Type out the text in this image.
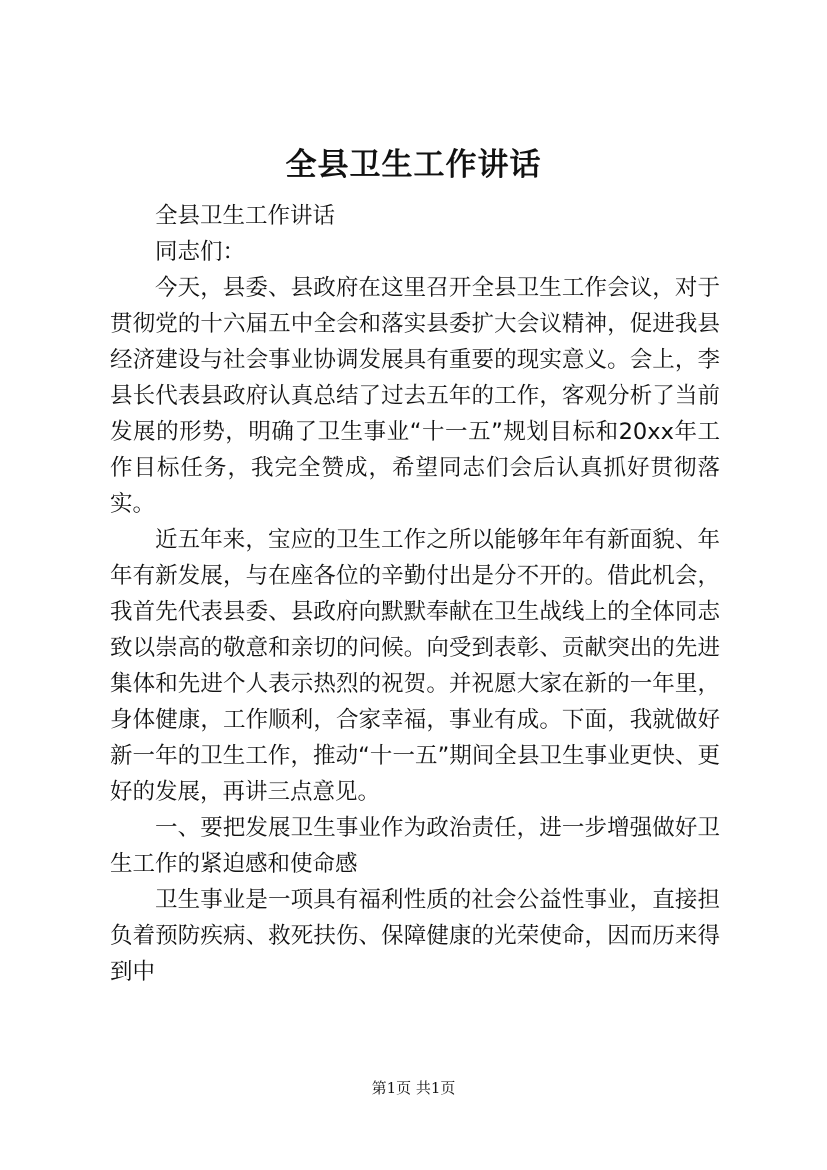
全县卫生工作讲话

全县卫生工作讲话

同志们：

今天，县委、县政府在这里召开全县卫生工作会议，对于贯彻党的十六届五中全会和落实县委扩大会议精神，促进我县经济建设与社会事业协调发展具有重要的现实意义。会上，李县长代表县政府认真总结了过去五年的工作，客观分析了当前发展的形势，明确了卫生事业“十一五”规划目标和20xx年工作目标任务，我完全赞成，希望同志们会后认真抓好贯彻落实。

近五年来，宝应的卫生工作之所以能够年年有新面貌、年年有新发展，与在座各位的辛勤付出是分不开的。借此机会，我首先代表县委、县政府向默默奉献在卫生战线上的全体同志致以崇高的敬意和亲切的问候。向受到表彰、贡献突出的先进集体和先进个人表示热烈的祝贺。并祝愿大家在新的一年里，身体健康，工作顺利，合家幸福，事业有成。下面，我就做好新一年的卫生工作，推动“十一五”期间全县卫生事业更快、更好的发展，再讲三点意见。

一、要把发展卫生事业作为政治责任，进一步增强做好卫生工作的紧迫感和使命感

卫生事业是一项具有福利性质的社会公益性事业，直接担负着预防疾病、救死扶伤、保障健康的光荣使命，因而历来得到中

第1页 共1页
